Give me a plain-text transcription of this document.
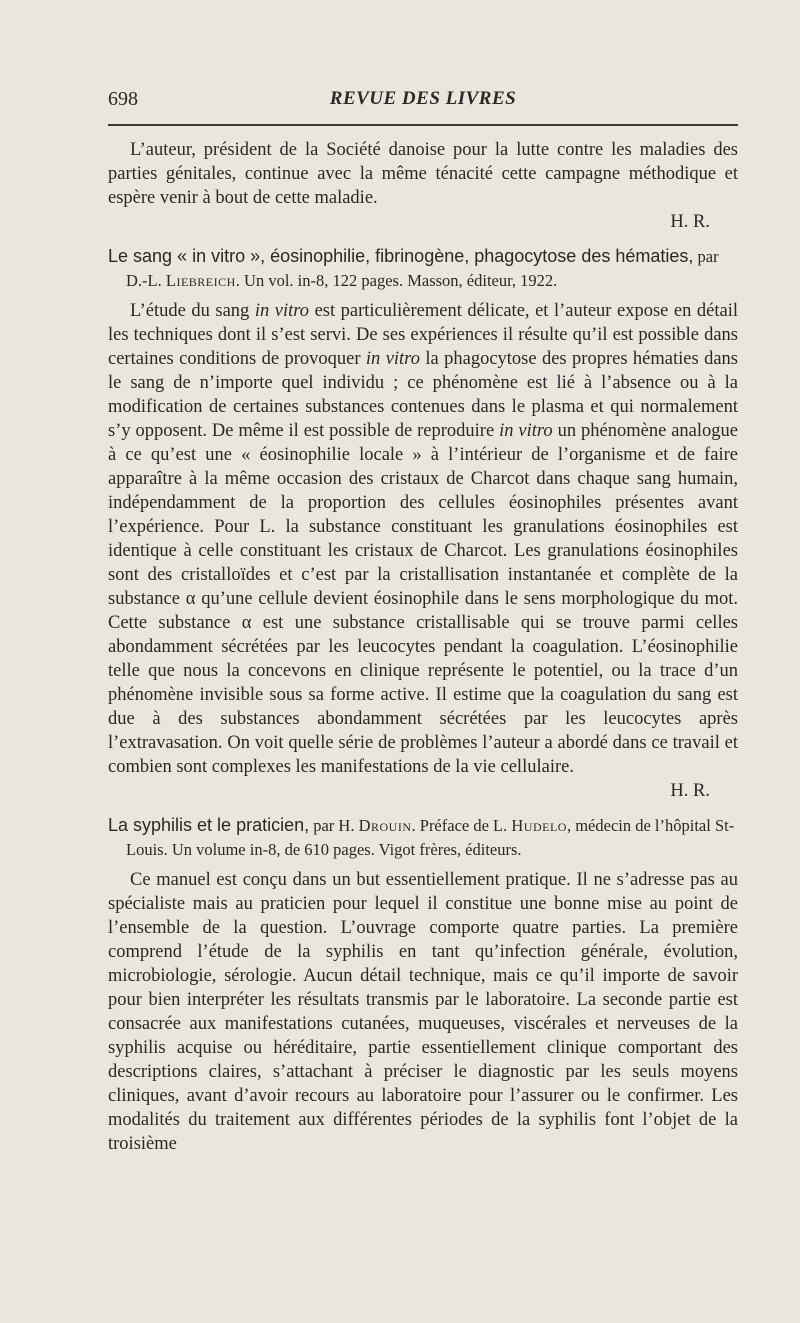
698	REVUE DES LIVRES

L’auteur, président de la Société danoise pour la lutte contre les maladies des parties génitales, continue avec la même ténacité cette campagne méthodique et espère venir à bout de cette maladie.

H. R.
Le sang « in vitro », éosinophilie, fibrinogène, phagocytose des hématies, par D.-L. Liebreich. Un vol. in-8, 122 pages. Masson, éditeur, 1922.

L’étude du sang in vitro est particulièrement délicate, et l’auteur expose en détail les techniques dont il s’est servi. De ses expériences il résulte qu’il est possible dans certaines conditions de provoquer in vitro la phagocytose des propres hématies dans le sang de n’importe quel individu ; ce phénomène est lié à l’absence ou à la modification de certaines substances contenues dans le plasma et qui normalement s’y opposent. De même il est possible de reproduire in vitro un phénomène analogue à ce qu’est une « éosinophilie locale » à l’intérieur de l’organisme et de faire apparaître à la même occasion des cristaux de Charcot dans chaque sang humain, indépendamment de la proportion des cellules éosinophiles présentes avant l’expérience. Pour L. la substance constituant les granulations éosinophiles est identique à celle constituant les cristaux de Charcot. Les granulations éosinophiles sont des cristalloïdes et c’est par la cristallisation instantanée et complète de la substance α qu’une cellule devient éosinophile dans le sens morphologique du mot. Cette substance α est une substance cristallisable qui se trouve parmi celles abondamment sécrétées par les leucocytes pendant la coagulation. L’éosinophilie telle que nous la concevons en clinique représente le potentiel, ou la trace d’un phénomène invisible sous sa forme active. Il estime que la coagulation du sang est due à des substances abondamment sécrétées par les leucocytes après l’extravasation. On voit quelle série de problèmes l’auteur a abordé dans ce travail et combien sont complexes les manifestations de la vie cellulaire.

H. R.
La syphilis et le praticien, par H. Drouin. Préface de L. Hudelo, médecin de l’hôpital St-Louis. Un volume in-8, de 610 pages. Vigot frères, éditeurs.

Ce manuel est conçu dans un but essentiellement pratique. Il ne s’adresse pas au spécialiste mais au praticien pour lequel il constitue une bonne mise au point de l’ensemble de la question. L’ouvrage comporte quatre parties. La première comprend l’étude de la syphilis en tant qu’infection générale, évolution, microbiologie, sérologie. Aucun détail technique, mais ce qu’il importe de savoir pour bien interpréter les résultats transmis par le laboratoire. La seconde partie est consacrée aux manifestations cutanées, muqueuses, viscérales et nerveuses de la syphilis acquise ou héréditaire, partie essentiellement clinique comportant des descriptions claires, s’attachant à préciser le diagnostic par les seuls moyens cliniques, avant d’avoir recours au laboratoire pour l’assurer ou le confirmer. Les modalités du traitement aux différentes périodes de la syphilis font l’objet de la troisième
